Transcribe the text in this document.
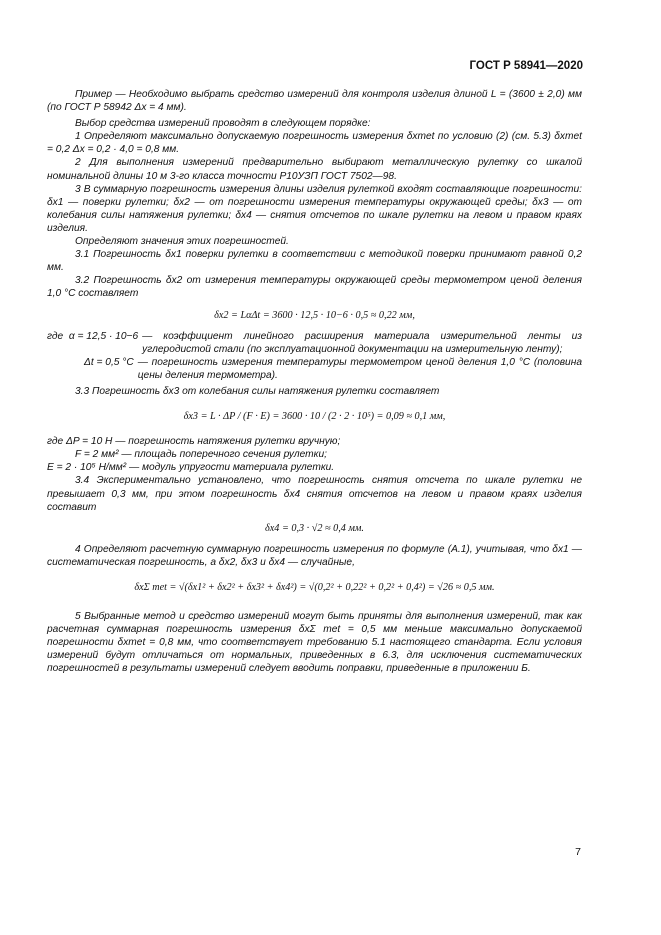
ГОСТ Р 58941—2020

Пример — Необходимо выбрать средство измерений для контроля изделия длиной L = (3600 ± 2,0) мм (по ГОСТ Р 58942 Δx = 4 мм).

Выбор средства измерений проводят в следующем порядке:

1 Определяют максимально допускаемую погрешность измерения δxmet по условию (2) (см. 5.3) δxmet = 0,2 Δx = 0,2 · 4,0 = 0,8 мм.

2 Для выполнения измерений предварительно выбирают металлическую рулетку со шкалой номинальной длины 10 м 3-го класса точности Р10УЗП ГОСТ 7502—98.

3 В суммарную погрешность измерения длины изделия рулеткой входят составляющие погрешности: δx1 — поверки рулетки; δx2 — от погрешности измерения температуры окружающей среды; δx3 — от колебания силы натяжения рулетки; δx4 — снятия отсчетов по шкале рулетки на левом и правом краях изделия.

Определяют значения этих погрешностей.

3.1 Погрешность δx1 поверки рулетки в соответствии с методикой поверки принимают равной 0,2 мм.

3.2 Погрешность δx2 от измерения температуры окружающей среды термометром ценой деления 1,0 °С составляет

δx2 = LαΔt = 3600 · 12,5 · 10−6 · 0,5 ≈ 0,22 мм,
где  α = 12,5 · 10−6 — коэффициент линейного расширения материала измерительной ленты из углеродистой стали (по эксплуатационной документации на измерительную ленту);
Δt = 0,5 °С — погрешность измерения температуры термометром ценой деления 1,0 °С (половина цены деления термометра).

3.3 Погрешность δx3 от колебания силы натяжения рулетки составляет

δx3 = L · ΔP / (F · E) = 3600 · 10 / (2 · 2 · 10⁵) = 0,09 ≈ 0,1 мм,

где ΔP = 10 Н — погрешность натяжения рулетки вручную;

F = 2 мм² — площадь поперечного сечения рулетки;

E = 2 · 10⁵ Н/мм² — модуль упругости материала рулетки.

3.4 Экспериментально установлено, что погрешность снятия отсчета по шкале рулетки не превышает 0,3 мм, при этом погрешность δx4 снятия отсчетов на левом и правом краях изделия составит

δx4 = 0,3 · √2 ≈ 0,4 мм.

4 Определяют расчетную суммарную погрешность измерения по формуле (А.1), учитывая, что δx1 — систематическая погрешность, а δx2, δx3 и δx4 — случайные,

δxΣ met = √(δx1² + δx2² + δx3² + δx4²) = √(0,2² + 0,22² + 0,2² + 0,4²) = √26 ≈ 0,5 мм.

5 Выбранные метод и средство измерений могут быть приняты для выполнения измерений, так как расчетная суммарная погрешность измерения δxΣ met = 0,5 мм меньше максимально допускаемой погрешности δxmet = 0,8 мм, что соответствует требованию 5.1 настоящего стандарта. Если условия измерений будут отличаться от нормальных, приведенных в 6.3, для исключения систематических погрешностей в результаты измерений следует вводить поправки, приведенные в приложении Б.

7
